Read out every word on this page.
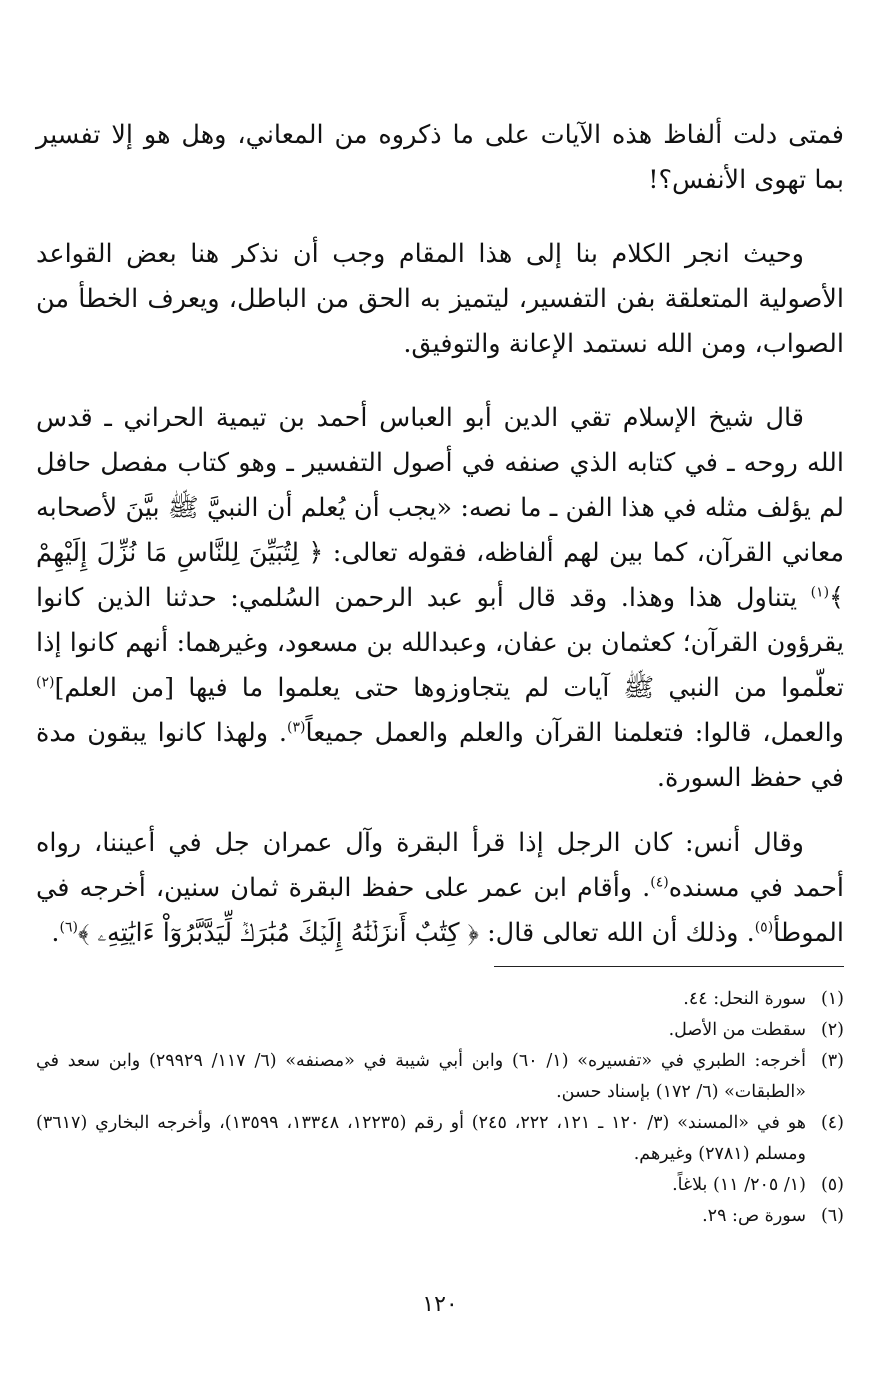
فمتى دلت ألفاظ هذه الآيات على ما ذكروه من المعاني، وهل هو إلا تفسير بما تهوى الأنفس؟!

وحيث انجر الكلام بنا إلى هذا المقام وجب أن نذكر هنا بعض القواعد الأصولية المتعلقة بفن التفسير، ليتميز به الحق من الباطل، ويعرف الخطأ من الصواب، ومن الله نستمد الإعانة والتوفيق.

قال شيخ الإسلام تقي الدين أبو العباس أحمد بن تيمية الحراني ـ قدس الله روحه ـ في كتابه الذي صنفه في أصول التفسير ـ وهو كتاب مفصل حافل لم يؤلف مثله في هذا الفن ـ ما نصه: «يجب أن يُعلم أن النبيَّ ﷺ بيَّنَ لأصحابه معاني القرآن، كما بين لهم ألفاظه، فقوله تعالى: ﴿ لِتُبَيِّنَ لِلنَّاسِ مَا نُزِّلَ إِلَيْهِمْ ﴾$^{(١)}$ يتناول هذا وهذا. وقد قال أبو عبد الرحمن السُلمي: حدثنا الذين كانوا يقرؤون القرآن؛ كعثمان بن عفان، وعبدالله بن مسعود، وغيرهما: أنهم كانوا إذا تعلّموا من النبي ﷺ آيات لم يتجاوزوها حتى يعلموا ما فيها [من العلم]$^{(٢)}$ والعمل، قالوا: فتعلمنا القرآن والعلم والعمل جميعاً$^{(٣)}$. ولهذا كانوا يبقون مدة في حفظ السورة.

وقال أنس: كان الرجل إذا قرأ البقرة وآل عمران جل في أعيننا، رواه أحمد في مسنده$^{(٤)}$. وأقام ابن عمر على حفظ البقرة ثمان سنين، أخرجه في الموطأ$^{(٥)}$. وذلك أن الله تعالى قال: ﴿ كِتَٰبٌ أَنزَلۡنَٰهُ إِلَيۡكَ مُبَٰرَكٞ لِّيَدَّبَّرُوٓاْ ءَايَٰتِهِۦ ﴾$^{(٦)}$.

(١)
سورة النحل: ٤٤.
(٢)
سقطت من الأصل.
(٣)
أخرجه: الطبري في «تفسيره» (١/ ٦٠) وابن أبي شيبة في «مصنفه» (٦/ ١١٧/ ٢٩٩٢٩) وابن سعد في «الطبقات» (٦/ ١٧٢) بإسناد حسن.
(٤)
هو في «المسند» (٣/ ١٢٠ ـ ١٢١، ٢٢٢، ٢٤٥) أو رقم (١٢٢٣٥، ١٣٣٤٨، ١٣٥٩٩)، وأخرجه البخاري (٣٦١٧) ومسلم (٢٧٨١) وغيرهم.
(٥)
(١/ ٢٠٥/ ١١) بلاغاً.
(٦)
سورة ص: ٢٩.
١٢٠
